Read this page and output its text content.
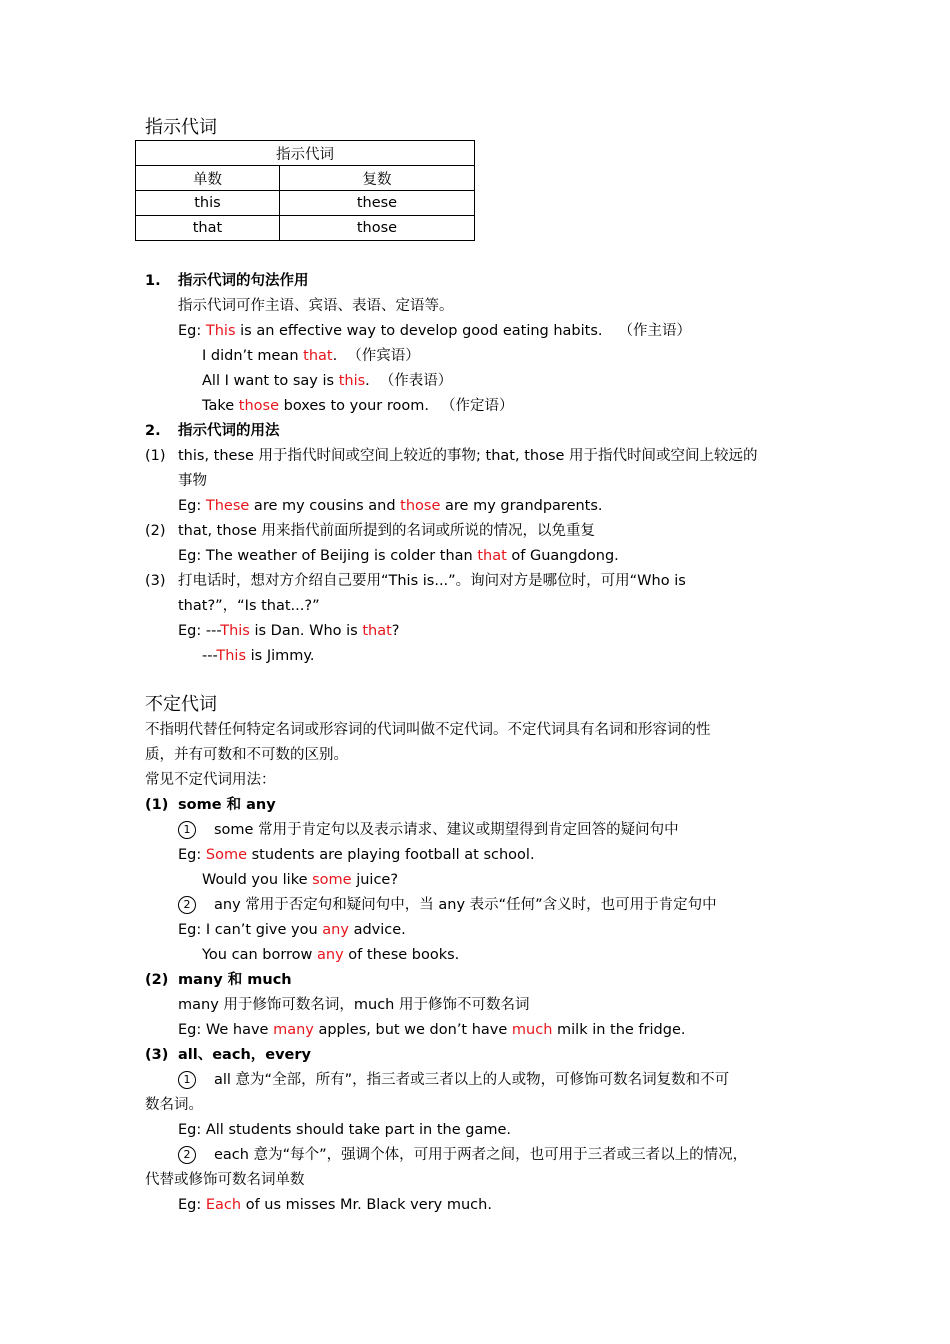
指示代词
指示代词	
单数	复数
this	these
that	those
1. 指示代词的句法作用
指示代词可作主语、宾语、表语、定语等。
Eg: This is an effective way to develop good eating habits. （作主语）
I didn’t mean that. （作宾语）
All I want to say is this. （作表语）
Take those boxes to your room. （作定语）
2. 指示代词的用法
(1) this, these 用于指代时间或空间上较近的事物; that, those 用于指代时间或空间上较远的
事物
Eg: These are my cousins and those are my grandparents.
(2) that, those 用来指代前面所提到的名词或所说的情况，以免重复
Eg: The weather of Beijing is colder than that of Guangdong.
(3) 打电话时，想对方介绍自己要用“This is...”。询问对方是哪位时，可用“Who is
that?”，“Is that...?”
Eg: ---This is Dan. Who is that?
---This is Jimmy.
不定代词
不指明代替任何特定名词或形容词的代词叫做不定代词。不定代词具有名词和形容词的性
质，并有可数和不可数的区别。
常见不定代词用法：
(1) some 和 any
1 some 常用于肯定句以及表示请求、建议或期望得到肯定回答的疑问句中
Eg: Some students are playing football at school.
Would you like some juice?
2 any 常用于否定句和疑问句中，当 any 表示“任何”含义时，也可用于肯定句中
Eg: I can’t give you any advice.
You can borrow any of these books.
(2) many 和 much
many 用于修饰可数名词，much 用于修饰不可数名词
Eg: We have many apples, but we don’t have much milk in the fridge.
(3) all、each，every
1 all 意为“全部，所有”，指三者或三者以上的人或物，可修饰可数名词复数和不可
数名词。
Eg: All students should take part in the game.
2 each 意为“每个”，强调个体，可用于两者之间，也可用于三者或三者以上的情况，
代替或修饰可数名词单数
Eg: Each of us misses Mr. Black very much.
